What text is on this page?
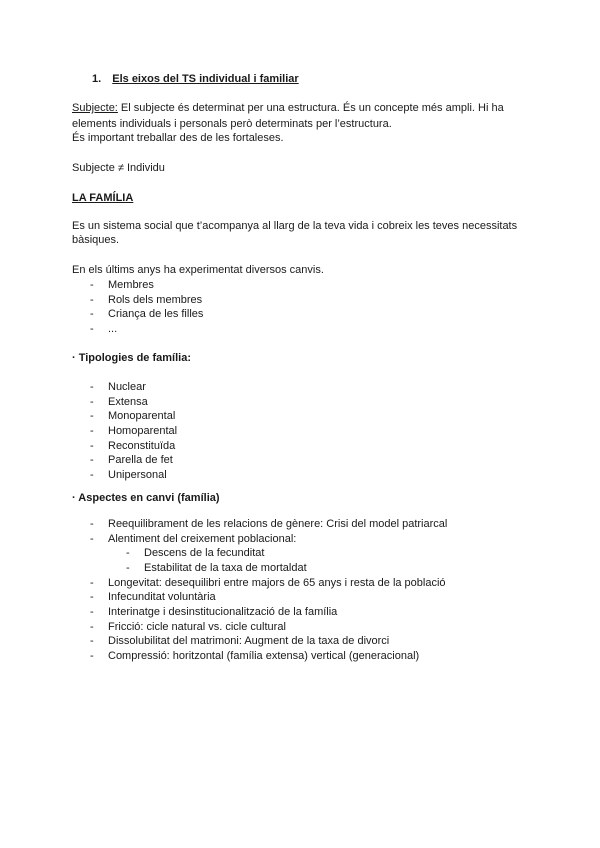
1. Els eixos del TS individual i familiar
Subjecte: El subjecte és determinat per una estructura. És un concepte més ampli. Hi ha
elements individuals i personals però determinats per l’estructura.
És important treballar des de les fortaleses.
Subjecte ≠ Individu
LA FAMÍLIA
Es un sistema social que t’acompanya al llarg de la teva vida i cobreix les teves necessitats
bàsiques.
En els últims anys ha experimentat diversos canvis.
- Membres
- Rols dels membres
- Criança de les filles
- ...
· Tipologies de família:
- Nuclear
- Extensa
- Monoparental
- Homoparental
- Reconstituïda
- Parella de fet
- Unipersonal
· Aspectes en canvi (família)
- Reequilibrament de les relacions de gènere: Crisi del model patriarcal
- Alentiment del creixement poblacional:
- Descens de la fecunditat
- Estabilitat de la taxa de mortaldat
- Longevitat: desequilibri entre majors de 65 anys i resta de la població
- Infecunditat voluntària
- Interinatge i desinstitucionalització de la família
- Fricció: cicle natural vs. cicle cultural
- Dissolubilitat del matrimoni: Augment de la taxa de divorci
- Compressió: horitzontal (família extensa) vertical (generacional)
